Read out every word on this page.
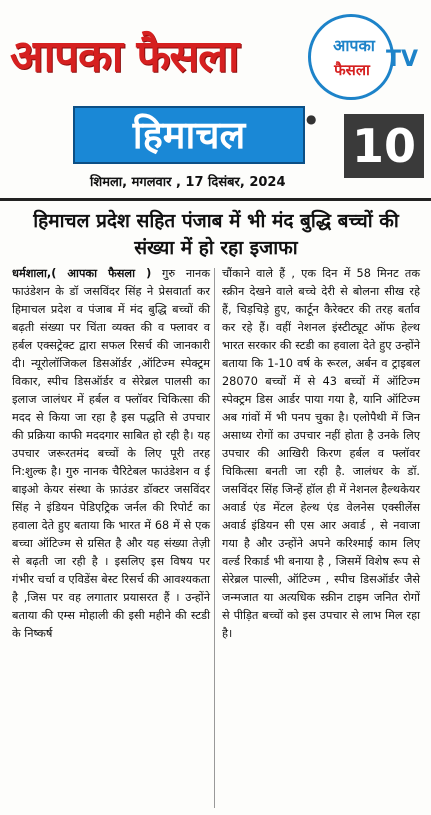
आपका फैसला	आपका
फैसला TV
हिमाचल	● 10
शिमला, मगलवार , 17 दिसंबर, 2024
हिमाचल प्रदेश सहित पंजाब में भी मंद बुद्धि बच्चों की संख्या में हो रहा इजाफा
धर्मशाला,( आपका फैसला ) गुरु नानक फाउंडेशन के डॉ जसविंदर सिंह ने प्रेसवार्ता कर हिमाचल प्रदेश व पंजाब में मंद बुद्धि बच्चों की बढ़ती संख्या पर चिंता व्यक्त की व फ्लावर व हर्बल एक्सट्रेक्ट द्वारा सफल रिसर्च की जानकारी दी। न्यूरोलॉजिकल डिसऑर्डर ,ऑटिज्म स्पेक्ट्रम विकार, स्पीच डिसऑर्डर व सेरेब्रल पालसी का इलाज जालंधर में हर्बल व फ्लॉवर चिकित्सा की मदद से किया जा रहा है इस पद्धति से उपचार की प्रक्रिया काफी मददगार साबित हो रही है। यह उपचार जरूरतमंद बच्चों के लिए पूरी तरह नि:शुल्क है। गुरु नानक चैरिटेबल फाउंडेशन व ई बाइओ केयर संस्था के फ़ाउंडर डॉक्टर जसविंदर सिंह ने इंडियन पेडिएट्रिक जर्नल की रिपोर्ट का हवाला देते हुए बताया कि भारत में 68 में से एक बच्चा ऑटिज्म से ग्रसित है और यह संख्या तेज़ी से बढ़ती जा रही है । इसलिए इस विषय पर गंभीर चर्चा व एविडेंस बेस्ट रिसर्च की आवश्यकता है ,जिस पर वह लगातार प्रयासरत हैं । उन्होंने बताया की एम्स मोहाली की इसी महीने की स्टडी के निष्कर्ष
चौंकाने वाले हैं , एक दिन में 58 मिनट तक स्क्रीन देखने वाले बच्चे देरी से बोलना सीख रहे हैं, चिड़चिड़े हुए, कार्टून कैरेक्टर की तरह बर्ताव कर रहे हैं। वहीं नेशनल इंस्टीट्यूट ऑफ हेल्थ भारत सरकार की स्टडी का हवाला देते हुए उन्होंने बताया कि 1-10 वर्ष के रूरल, अर्बन व ट्राइबल 28070 बच्चों में से 43 बच्चों में ऑटिज्म स्पेक्ट्रम डिस आर्डर पाया गया है, यानि ऑटिज्म अब गांवों में भी पनप चुका है। एलोपैथी में जिन असाध्य रोगों का उपचार नहीं होता है उनके लिए उपचार की आखिरी किरण हर्बल व फ्लॉवर चिकित्सा बनती जा रही है. जालंधर के डॉ. जसविंदर सिंह जिन्हें हॉल ही में नेशनल हैल्थकेयर अवार्ड एंड मेंटल हेल्थ एंड वेलनेस एक्सीलेंस अवार्ड इंडियन सी एस आर अवार्ड , से नवाजा गया है और उन्होंने अपने करिश्माई काम लिए वर्ल्ड रिकार्ड भी बनाया है , जिसमें विशेष रूप से सेरेब्रल पाल्सी, ऑटिज्म , स्पीच डिसऑर्डर जैसे जन्मजात या अत्यधिक स्क्रीन टाइम जनित रोगों से पीड़ित बच्चों को इस उपचार से लाभ मिल रहा है।
